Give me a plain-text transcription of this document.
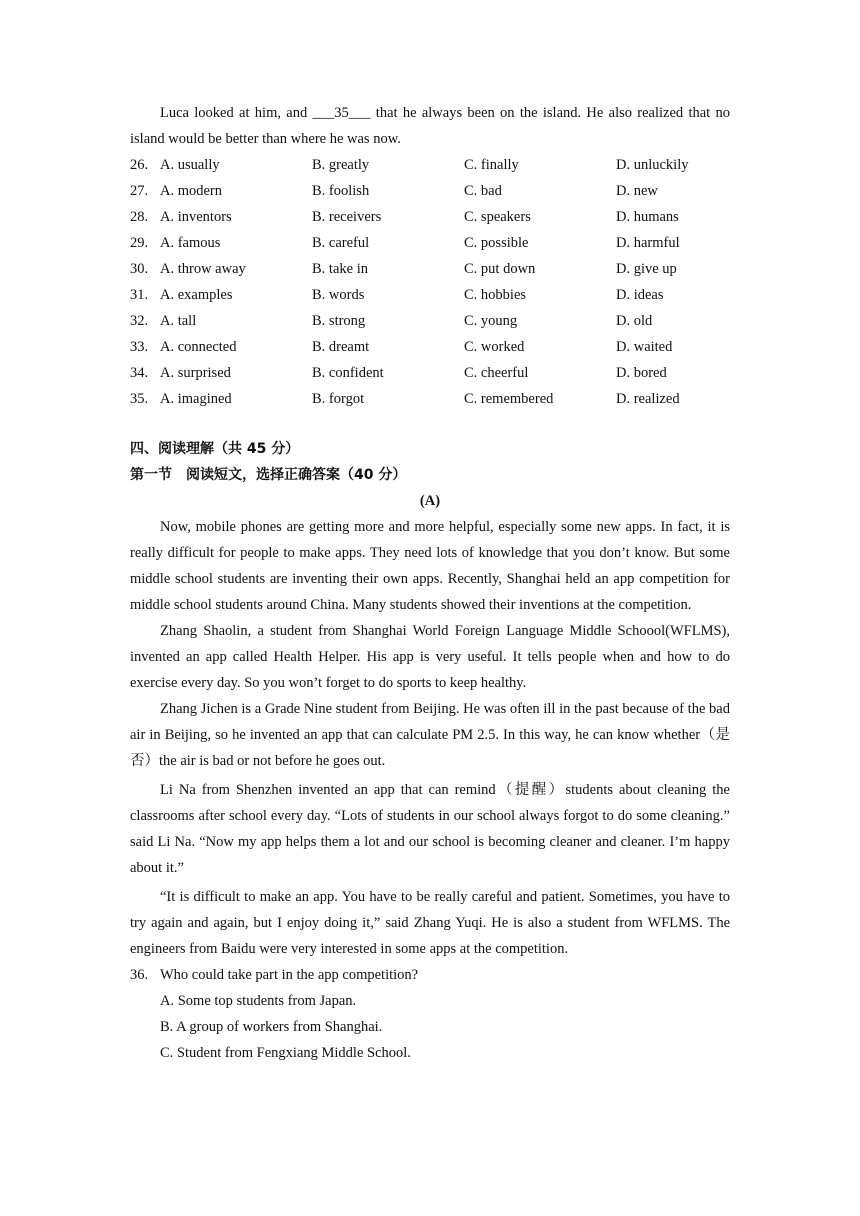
Luca looked at him, and ___35___ that he always been on the island. He also realized that no island would be better than where he was now.

26. A. usually	B. greatly	C. finally	D. unluckily
27. A. modern	B. foolish	C. bad	D. new
28. A. inventors	B. receivers	C. speakers	D. humans
29. A. famous	B. careful	C. possible	D. harmful
30. A. throw away	B. take in	C. put down	D. give up
31. A. examples	B. words	C. hobbies	D. ideas
32. A. tall	B. strong	C. young	D. old
33. A. connected	B. dreamt	C. worked	D. waited
34. A. surprised	B. confident	C. cheerful	D. bored
35. A. imagined	B. forgot	C. remembered	D. realized

四、阅读理解（共 45 分）

第一节　阅读短文，选择正确答案（40 分）

(A)

Now, mobile phones are getting more and more helpful, especially some new apps. In fact, it is really difficult for people to make apps. They need lots of knowledge that you don’t know. But some middle school students are inventing their own apps. Recently, Shanghai held an app competition for middle school students around China. Many students showed their inventions at the competition.

Zhang Shaolin, a student from Shanghai World Foreign Language Middle Schoool(WFLMS), invented an app called Health Helper. His app is very useful. It tells people when and how to do exercise every day. So you won’t forget to do sports to keep healthy.

Zhang Jichen is a Grade Nine student from Beijing. He was often ill in the past because of the bad air in Beijing, so he invented an app that can calculate PM 2.5. In this way, he can know whether（是否）the air is bad or not before he goes out.

Li Na from Shenzhen invented an app that can remind（提醒）students about cleaning the classrooms after school every day. “Lots of students in our school always forgot to do some cleaning.” said Li Na. “Now my app helps them a lot and our school is becoming cleaner and cleaner. I’m happy about it.”

“It is difficult to make an app. You have to be really careful and patient. Sometimes, you have to try again and again, but I enjoy doing it,” said Zhang Yuqi. He is also a student from WFLMS. The engineers from Baidu were very interested in some apps at the competition.

36. Who could take part in the app competition?
A. Some top students from Japan.
B. A group of workers from Shanghai.
C. Student from Fengxiang Middle School.
